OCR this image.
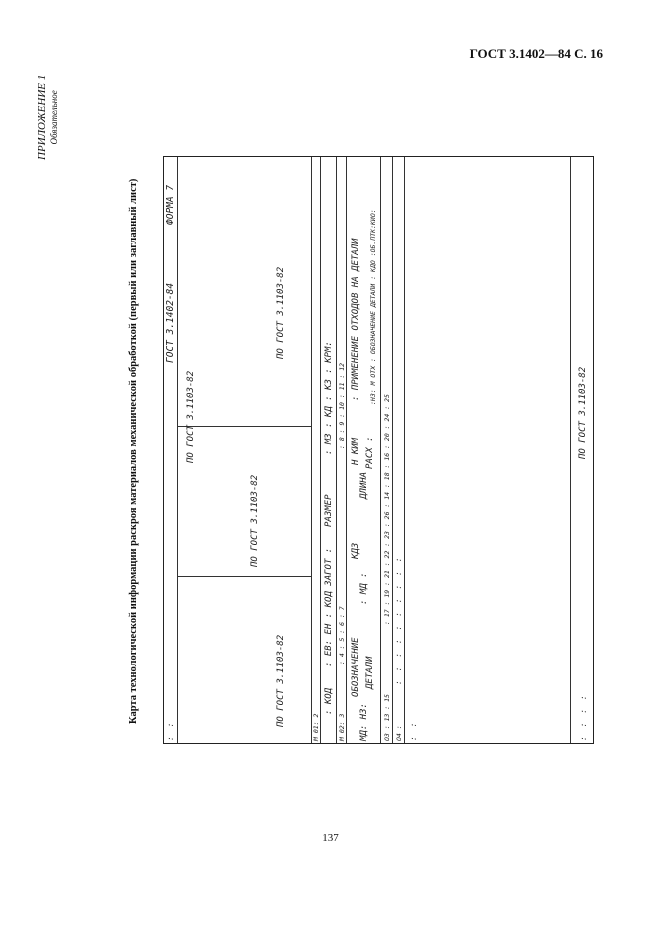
ГОСТ 3.1402—84 С. 16
ПРИЛОЖЕНИЕ 1 Обязательное
Карта технологической информации раскроя материалов механической обработкой (первый или заглавный лист)
: :
ГОСТ 3.1402-84
ФОРМА 7
ПО ГОСТ 3.1103-82
ПО ГОСТ 3.1103-82
ПО ГОСТ 3.1103-82
ПО ГОСТ 3.1103-82
М 01: 2
: КОД
: ЕВ: ЕН : КОД ЗАГОТ :
РАЗМЕР
: МЗ : КД : КЗ : КРМ:
М 02: 3
: 4 : 5 : 6 : 7
: 8 : 9 : 10 : 11 : 12
МД: НЗ:
ОБОЗНАЧЕНИЕ ДЕТАЛИ
: МД :
КДЗ
ДЛИНА
Н КИМ РАСХ :
: ПРИМЕНЕНИЕ ОТХОДОВ НА ДЕТАЛИ :НЗ: М ОТХ : ОБОЗНАЧЕНИЕ ДЕТАЛИ : КДО :ОБ.ПТК:КИО:
О3 : 13 : 15
: 17 : 19 : 21 : 22 : 23 : 26 : 14 : 18 : 16 : 20 : 24 : 25
О4 :
: : : : : : : : : :
: :	: : : :
ПО ГОСТ 3.1103-82
137
